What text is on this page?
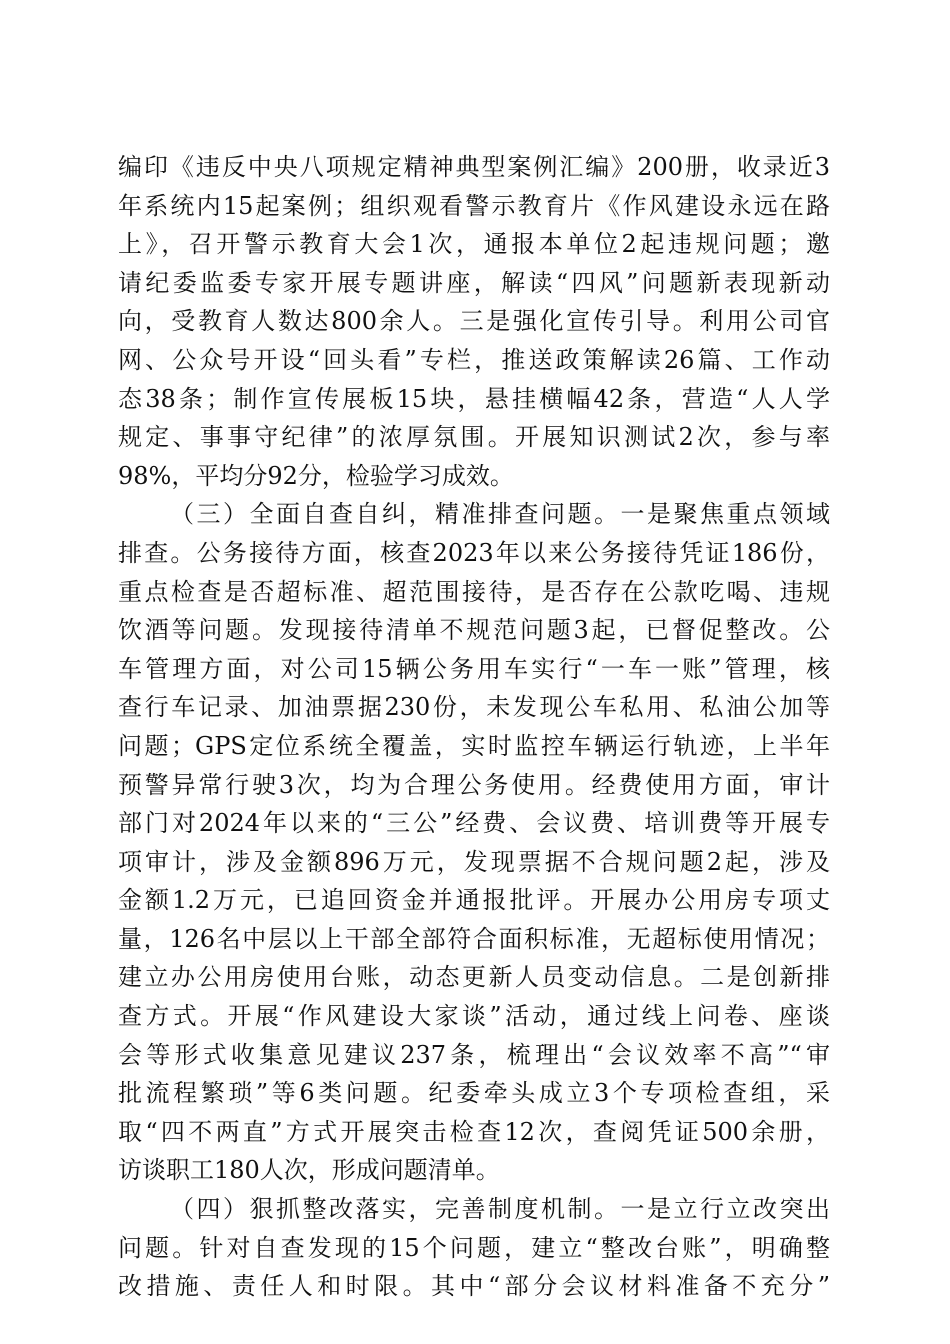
编印《违反中央八项规定精神典型案例汇编》200册，收录近3
年系统内15起案例；组织观看警示教育片《作风建设永远在路
上》，召开警示教育大会1次，通报本单位2起违规问题；邀
请纪委监委专家开展专题讲座，解读“四风”问题新表现新动
向，受教育人数达800余人。三是强化宣传引导。利用公司官
网、公众号开设“回头看”专栏，推送政策解读26篇、工作动
态38条；制作宣传展板15块，悬挂横幅42条，营造“人人学
规定、事事守纪律”的浓厚氛围。开展知识测试2次，参与率
98%，平均分92分，检验学习成效。
（三）全面自查自纠，精准排查问题。一是聚焦重点领域
排查。公务接待方面，核查2023年以来公务接待凭证186份，
重点检查是否超标准、超范围接待，是否存在公款吃喝、违规
饮酒等问题。发现接待清单不规范问题3起，已督促整改。公
车管理方面，对公司15辆公务用车实行“一车一账”管理，核
查行车记录、加油票据230份，未发现公车私用、私油公加等
问题；GPS定位系统全覆盖，实时监控车辆运行轨迹，上半年
预警异常行驶3次，均为合理公务使用。经费使用方面，审计
部门对2024年以来的“三公”经费、会议费、培训费等开展专
项审计，涉及金额896万元，发现票据不合规问题2起，涉及
金额1.2万元，已追回资金并通报批评。开展办公用房专项丈
量，126名中层以上干部全部符合面积标准，无超标使用情况；
建立办公用房使用台账，动态更新人员变动信息。二是创新排
查方式。开展“作风建设大家谈”活动，通过线上问卷、座谈
会等形式收集意见建议237条，梳理出“会议效率不高”“审
批流程繁琐”等6类问题。纪委牵头成立3个专项检查组，采
取“四不两直”方式开展突击检查12次，查阅凭证500余册，
访谈职工180人次，形成问题清单。
（四）狠抓整改落实，完善制度机制。一是立行立改突出
问题。针对自查发现的15个问题，建立“整改台账”，明确整
改措施、责任人和时限。其中“部分会议材料准备不充分”
